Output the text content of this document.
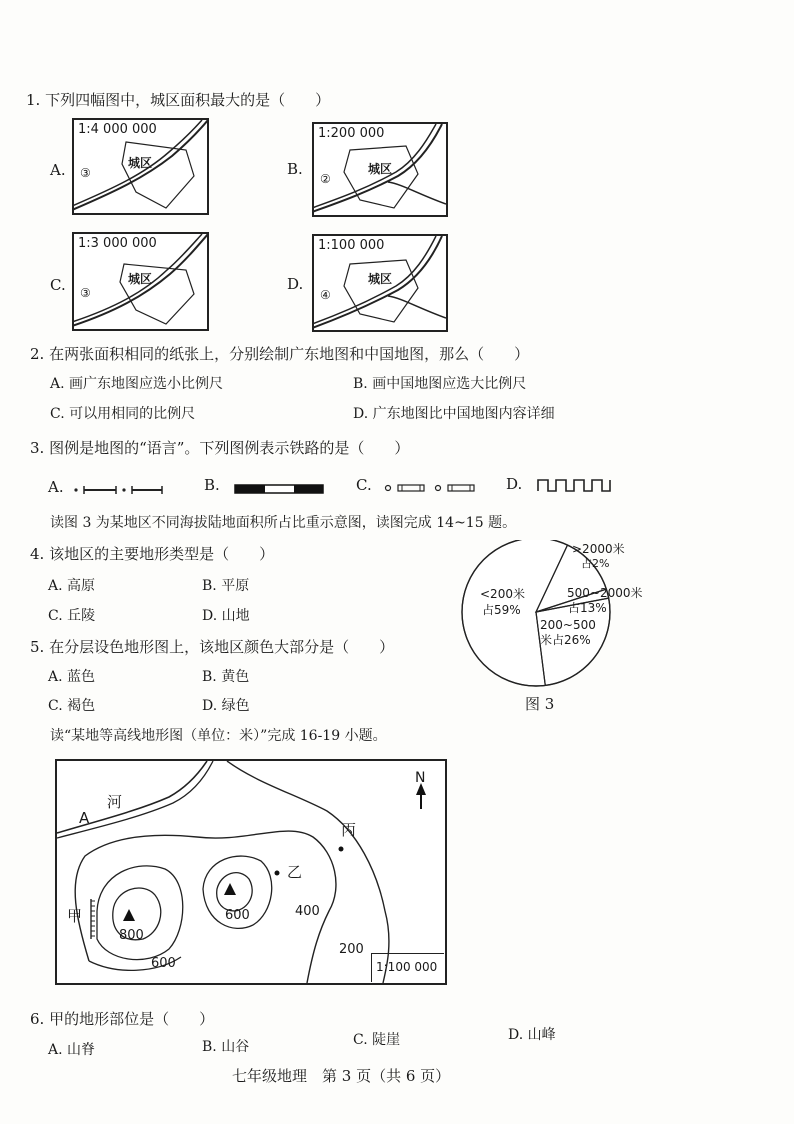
1. 下列四幅图中，城区面积最大的是（　　）
A.
1:4 000 000
③
城区	B.
1:200 000
②
城区
C.
1:3 000 000
③
城区	D.
1:100 000
④
城区
2. 在两张面积相同的纸张上，分别绘制广东地图和中国地图，那么（　　）
A. 画广东地图应选小比例尺	B. 画中国地图应选大比例尺
C. 可以用相同的比例尺	D. 广东地图比中国地图内容详细
3. 图例是地图的“语言”。下列图例表示铁路的是（　　）
A.	B.	C.	D.
读图 3 为某地区不同海拔陆地面积所占比重示意图，读图完成 14~15 题。
4. 该地区的主要地形类型是（　　）
A. 高原	B. 平原
C. 丘陵	D. 山地
5. 在分层设色地形图上，该地区颜色大部分是（　　）
A. 蓝色	B. 黄色
C. 褐色	D. 绿色
>2000米
占2%
<200米
占59%
500~2000米
占13%
200~500
米占26%
图 3
读“某地等高线地形图（单位：米）”完成 16-19 小题。
N
河
A
丙
乙
甲	600
800
600
400
200
1:100 000
6. 甲的地形部位是（　　）
A. 山脊	B. 山谷	C. 陡崖	D. 山峰
七年级地理　第 3 页（共 6 页）
